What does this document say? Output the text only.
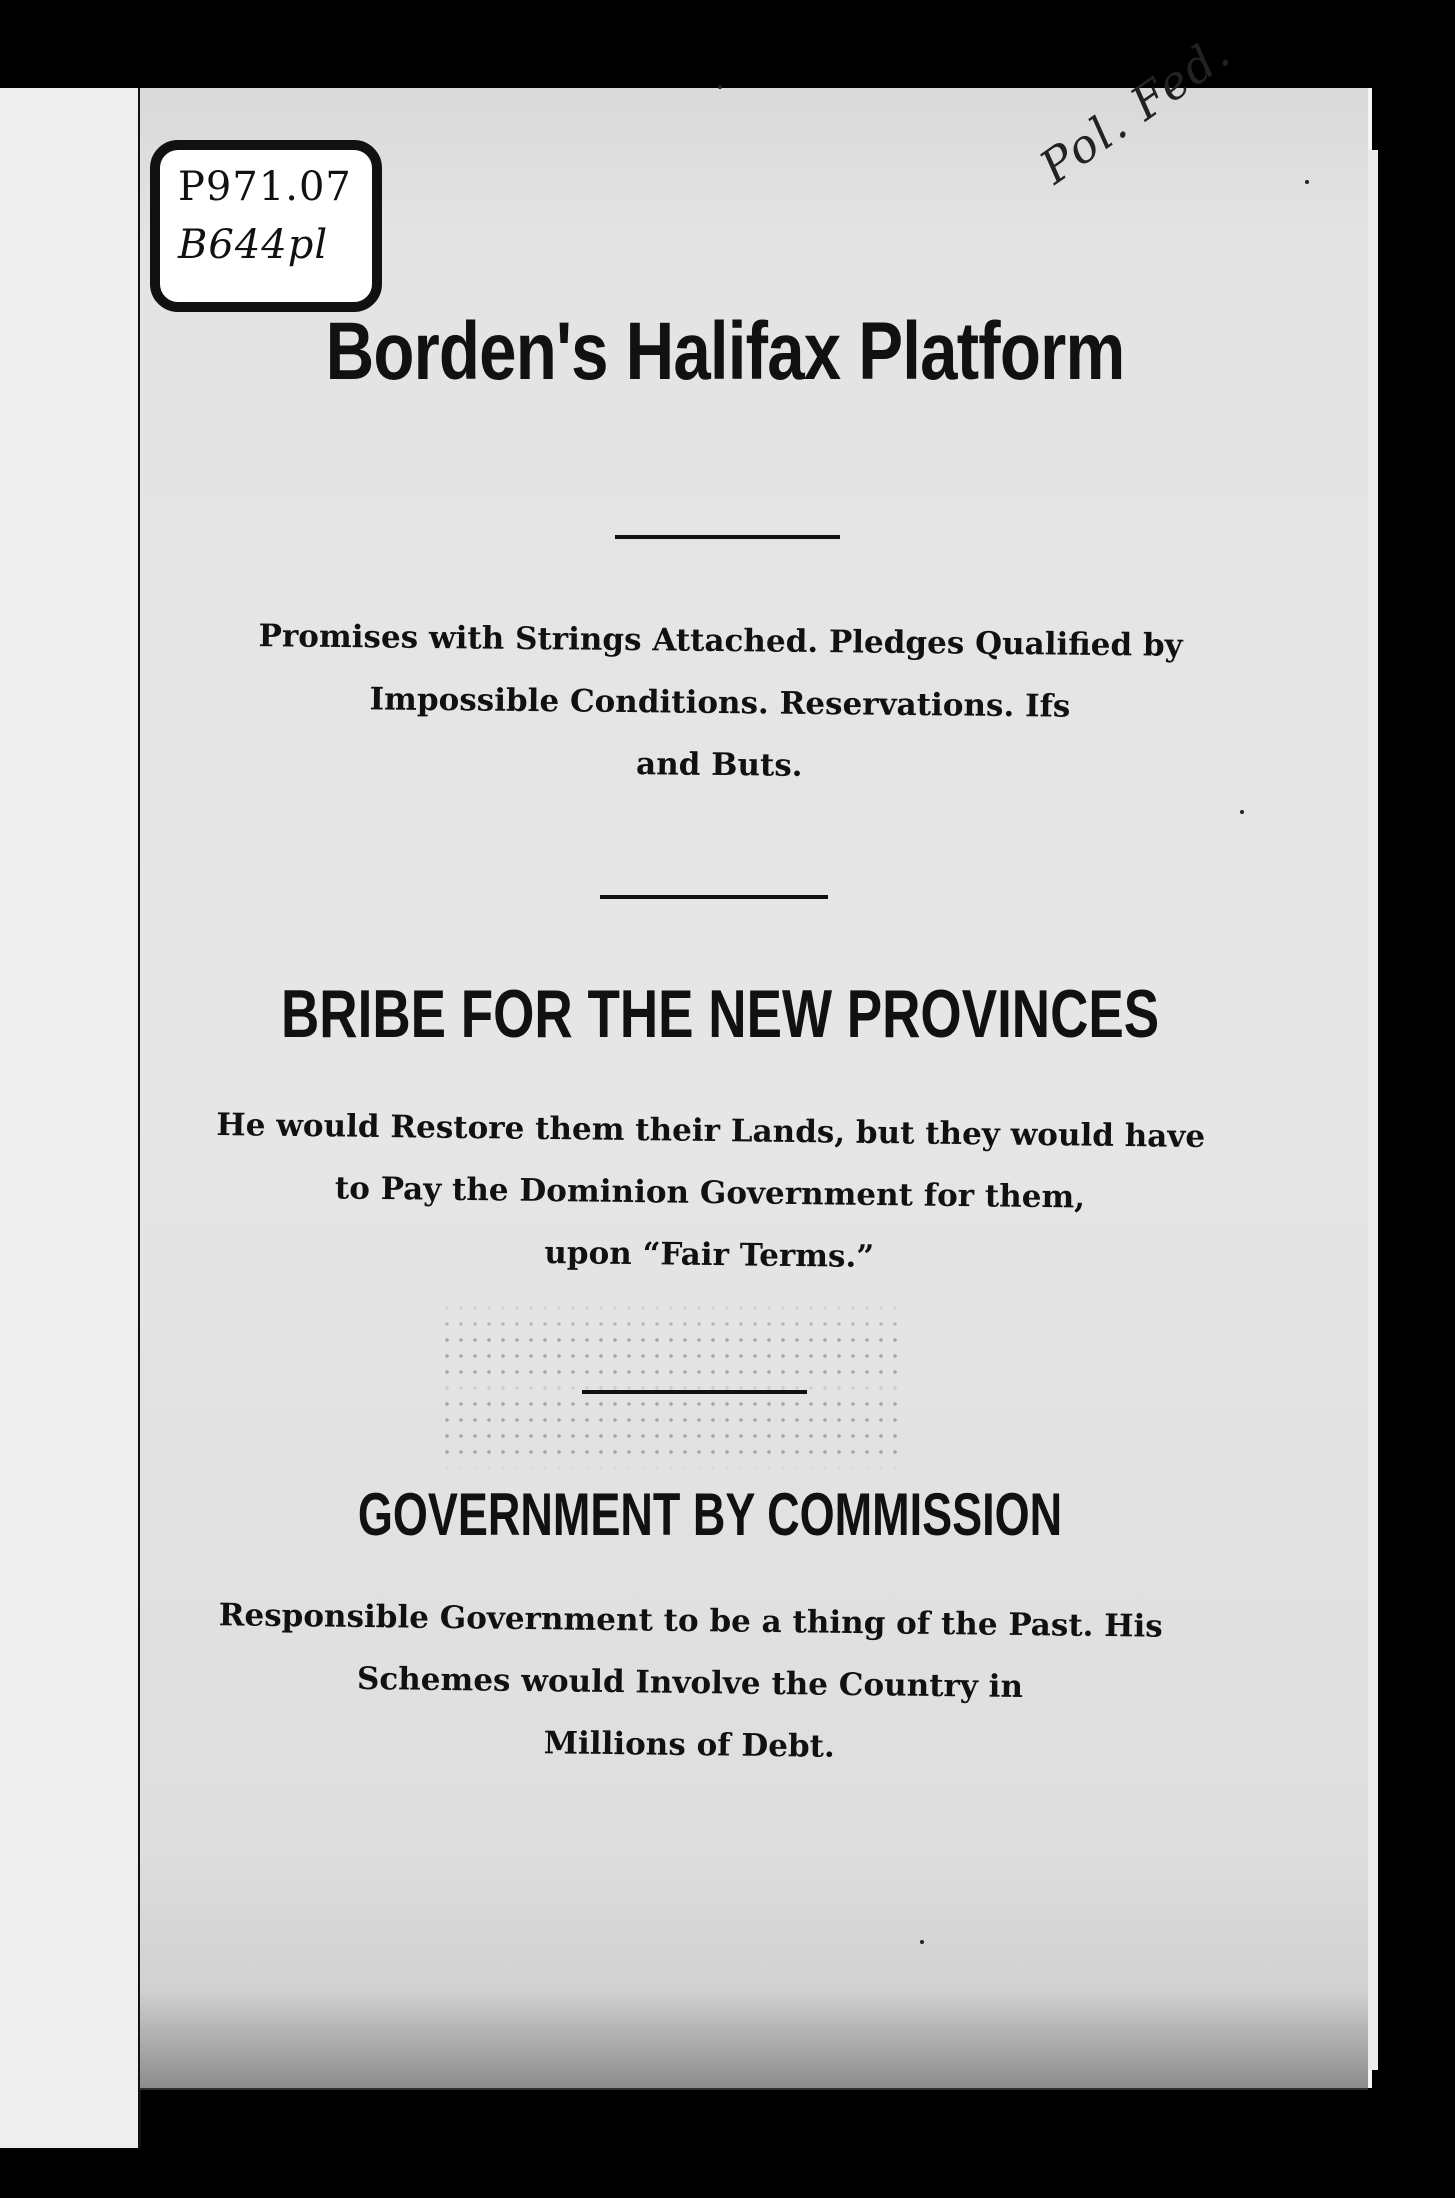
P971.07
B644pl
Pol. Fed.
Borden's Halifax Platform
Promises with Strings Attached. Pledges Qualified by
Impossible Conditions. Reservations. Ifs
and Buts.
BRIBE FOR THE NEW PROVINCES
He would Restore them their Lands, but they would have
to Pay the Dominion Government for them,
upon “Fair Terms.”
GOVERNMENT BY COMMISSION
Responsible Government to be a thing of the Past. His
Schemes would Involve the Country in
Millions of Debt.
